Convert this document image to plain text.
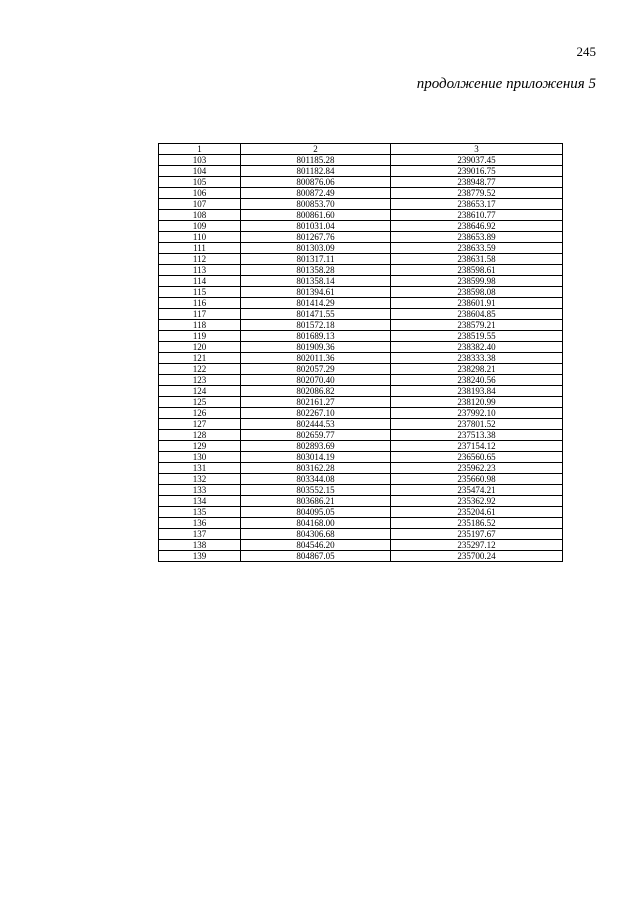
245
продолжение приложения 5
1	2	3
103	801185.28	239037.45
104	801182.84	239016.75
105	800876.06	238948.77
106	800872.49	238779.52
107	800853.70	238653.17
108	800861.60	238610.77
109	801031.04	238646.92
110	801267.76	238653.89
111	801303.09	238633.59
112	801317.11	238631.58
113	801358.28	238598.61
114	801358.14	238599.98
115	801394.61	238598.08
116	801414.29	238601.91
117	801471.55	238604.85
118	801572.18	238579.21
119	801689.13	238519.55
120	801909.36	238382.40
121	802011.36	238333.38
122	802057.29	238298.21
123	802070.40	238240.56
124	802086.82	238193.84
125	802161.27	238120.99
126	802267.10	237992.10
127	802444.53	237801.52
128	802659.77	237513.38
129	802893.69	237154.12
130	803014.19	236560.65
131	803162.28	235962.23
132	803344.08	235660.98
133	803552.15	235474.21
134	803686.21	235362.92
135	804095.05	235204.61
136	804168.00	235186.52
137	804306.68	235197.67
138	804546.20	235297.12
139	804867.05	235700.24
